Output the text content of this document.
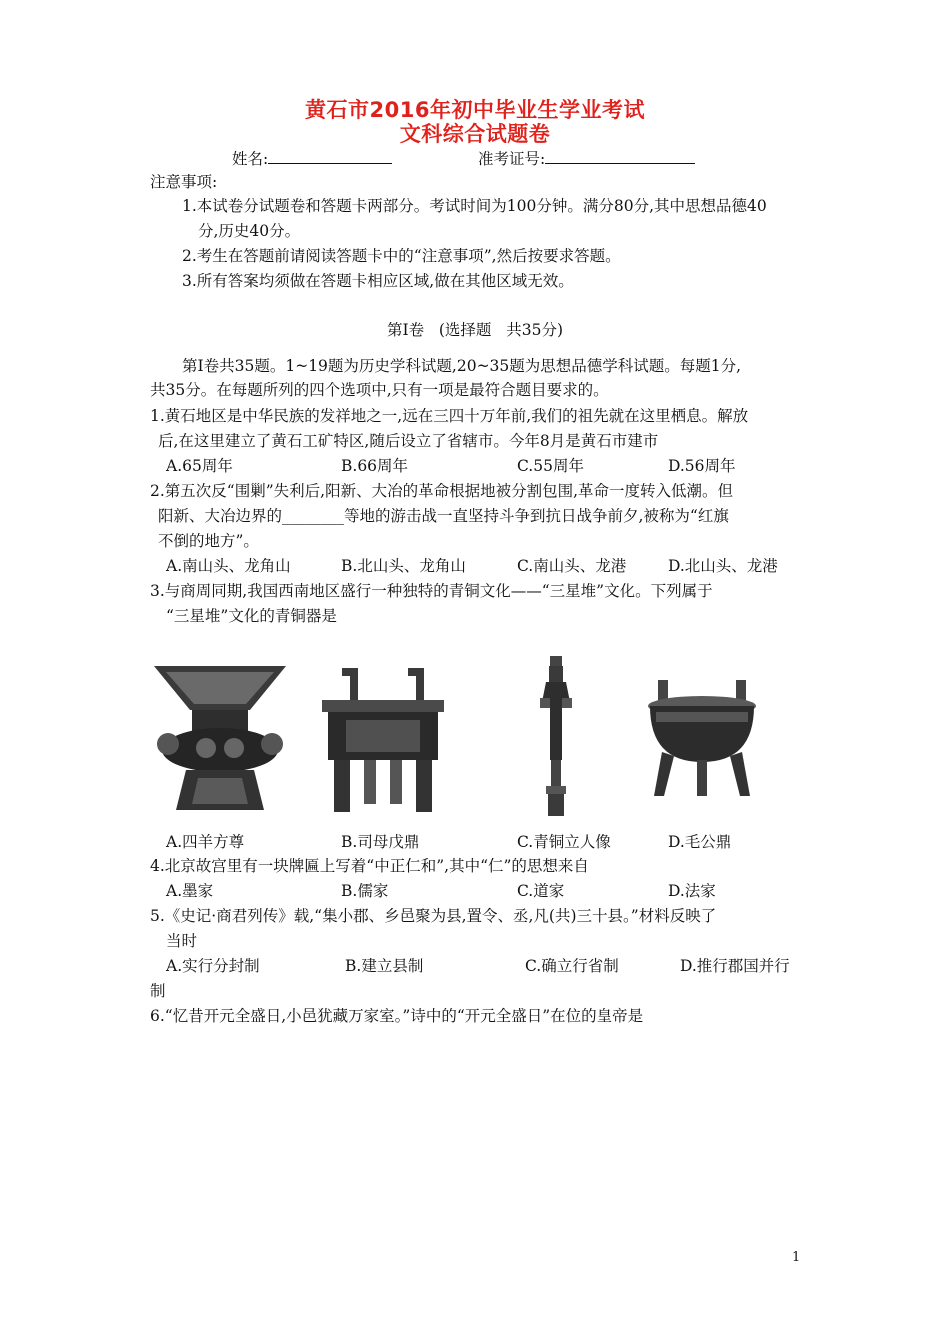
黄石市2016年初中毕业生学业考试
文科综合试题卷
姓名:	准考证号:
注意事项:
1.本试卷分试题卷和答题卡两部分。考试时间为100分钟。满分80分,其中思想品德40
分,历史40分。
2.考生在答题前请阅读答题卡中的“注意事项”,然后按要求答题。
3.所有答案均须做在答题卡相应区域,做在其他区域无效。
第Ⅰ卷   (选择题   共35分)
第Ⅰ卷共35题。1~19题为历史学科试题,20~35题为思想品德学科试题。每题1分,
共35分。在每题所列的四个选项中,只有一项是最符合题目要求的。
1.黄石地区是中华民族的发祥地之一,远在三四十万年前,我们的祖先就在这里栖息。解放
后,在这里建立了黄石工矿特区,随后设立了省辖市。今年8月是黄石市建市
A.65周年	B.66周年	C.55周年	D.56周年
2.第五次反“围剿”失利后,阳新、大冶的革命根据地被分割包围,革命一度转入低潮。但
阳新、大冶边界的________等地的游击战一直坚持斗争到抗日战争前夕,被称为“红旗
不倒的地方”。
A.南山头、龙角山	B.北山头、龙角山	C.南山头、龙港	D.北山头、龙港
3.与商周同期,我国西南地区盛行一种独特的青铜文化——“三星堆”文化。下列属于
“三星堆”文化的青铜器是
A.四羊方尊	B.司母戊鼎	C.青铜立人像	D.毛公鼎
4.北京故宫里有一块牌匾上写着“中正仁和”,其中“仁”的思想来自
A.墨家	B.儒家	C.道家	D.法家
5.《史记·商君列传》载,“集小郡、乡邑聚为县,置令、丞,凡(共)三十县。”材料反映了
当时
A.实行分封制	B.建立县制	C.确立行省制	D.推行郡国并行
制
6.“忆昔开元全盛日,小邑犹藏万家室。”诗中的“开元全盛日”在位的皇帝是
1
